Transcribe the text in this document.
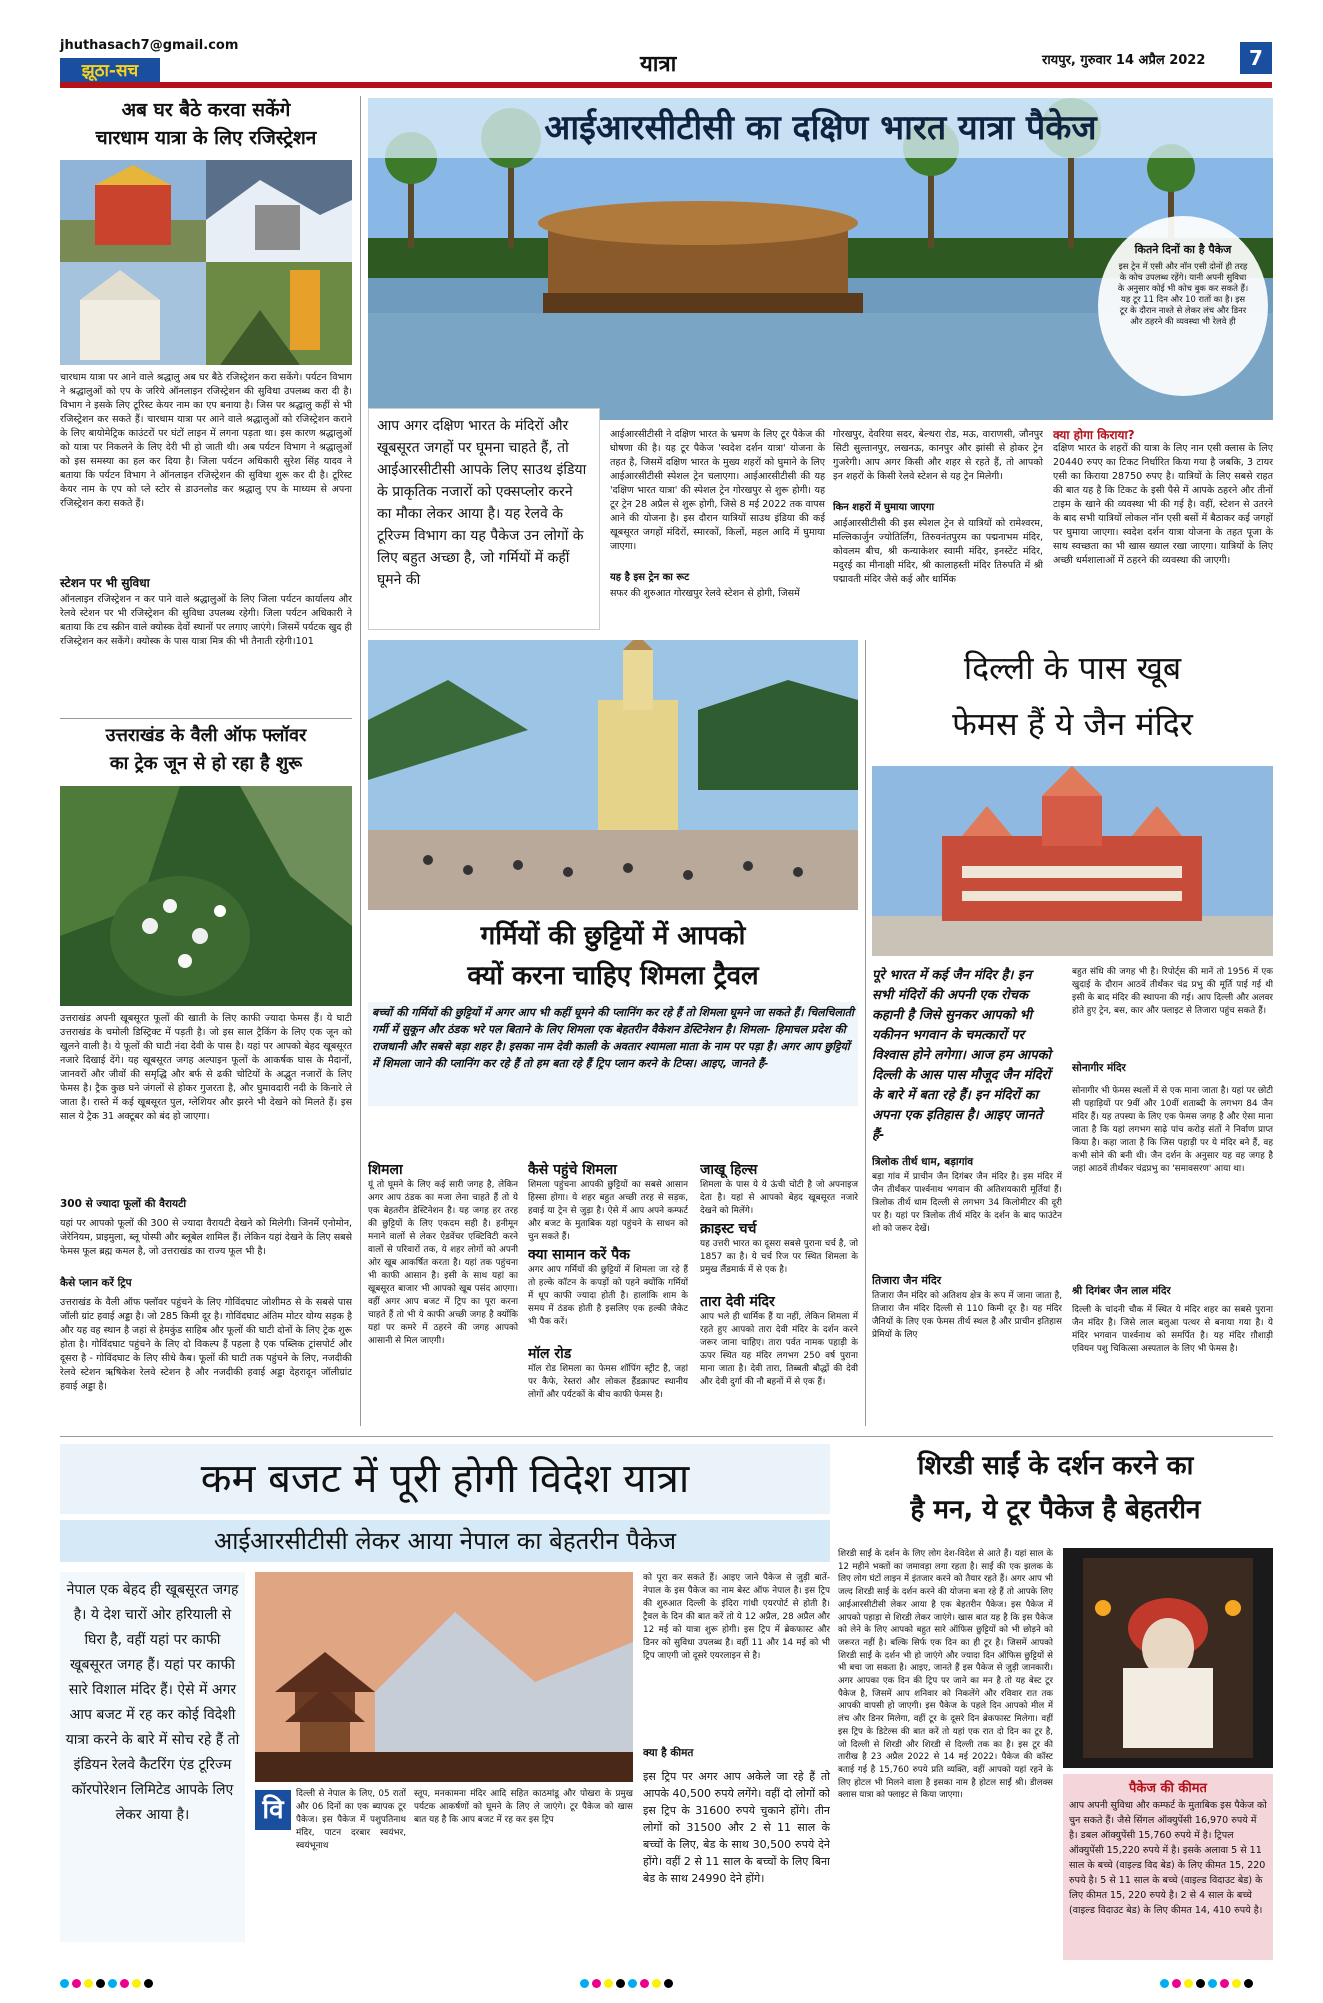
jhuthasach7@gmail.com
झूठा-सच	यात्रा	रायपुर, गुरुवार 14 अप्रैल 2022	7
अब घर बैठे करवा सकेंगे
चारधाम यात्रा के लिए रजिस्ट्रेशन
चारधाम यात्रा पर आने वाले श्रद्धालु अब घर बैठे रजिस्ट्रेशन करा सकेंगे। पर्यटन विभाग ने श्रद्धालुओं को एप के जरिये ऑनलाइन रजिस्ट्रेशन की सुविधा उपलब्ध करा दी है। विभाग ने इसके लिए टूरिस्ट केयर नाम का एप बनाया है। जिस पर श्रद्धालु कहीं से भी रजिस्ट्रेशन कर सकते हैं। चारधाम यात्रा पर आने वाले श्रद्धालुओं को रजिस्ट्रेशन कराने के लिए बायोमेट्रिक काउंटरों पर घंटों लाइन में लगना पड़ता था। इस कारण श्रद्धालुओं को यात्रा पर निकलने के लिए देरी भी हो जाती थी। अब पर्यटन विभाग ने श्रद्धालुओं को इस समस्या का हल कर दिया है। जिला पर्यटन अधिकारी सुरेश सिंह यादव ने बताया कि पर्यटन विभाग ने ऑनलाइन रजिस्ट्रेशन की सुविधा शुरू कर दी है। टूरिस्ट केयर नाम के एप को प्ले स्टोर से डाउनलोड कर श्रद्धालु एप के माध्यम से अपना रजिस्ट्रेशन करा सकते हैं।
स्टेशन पर भी सुविधा
ऑनलाइन रजिस्ट्रेशन न कर पाने वाले श्रद्धालुओं के लिए जिला पर्यटन कार्यालय और रेलवे स्टेशन पर भी रजिस्ट्रेशन की सुविधा उपलब्ध रहेगी। जिला पर्यटन अधिकारी ने बताया कि टच स्क्रीन वाले क्योस्क देवों स्थानों पर लगाए जाएंगे। जिसमें पर्यटक खुद ही रजिस्ट्रेशन कर सकेंगे। क्योस्क के पास यात्रा मित्र की भी तैनाती रहेगी।101
उत्तराखंड के वैली ऑफ फ्लॉवर
का ट्रेक जून से हो रहा है शुरू
उत्तराखंड अपनी खूबसूरत फूलों की खाती के लिए काफी ज्यादा फेमस हैं। ये घाटी उत्तराखंड के चमोली डिस्ट्रिक्ट में पड़ती है। जो इस साल ट्रैकिंग के लिए एक जून को खुलने वाली है। ये फूलों की घाटी नंदा देवी के पास है। यहां पर आपको बेहद खूबसूरत नजारे दिखाई देंगे। यह खूबसूरत जगह अल्पाइन फूलों के आकर्षक घास के मैदानों, जानवरों और जीवों की समृद्धि और बर्फ से ढकी चोटियों के अद्भुत नजारों के लिए फेमस है। ट्रैक कुछ घने जंगलों से होकर गुजरता है, और घुमावदारी नदी के किनारे ले जाता है। रास्ते में कई खूबसूरत पुल, ग्लेशियर और झरने भी देखने को मिलते हैं। इस साल ये ट्रैक 31 अक्टूबर को बंद हो जाएगा।
300 से ज्यादा फूलों की वैरायटी
यहां पर आपको फूलों की 300 से ज्यादा वैरायटी देखने को मिलेगी। जिनमें एनोमोन, जेरेनियम, प्राइमुला, ब्लू पोस्पी और ब्लूबेल शामिल हैं। लेकिन यहां देखने के लिए सबसे फेमस फूल ब्रह्म कमल है, जो उत्तराखंड का राज्य फूल भी है।
कैसे प्लान करें ट्रिप
उत्तराखंड के वैली ऑफ फ्लॉवर पहुंचने के लिए गोविंदघाट जोशीमठ से के सबसे पास जॉली ग्रांट हवाई अड्डा है। जो 285 किमी दूर है। गोविंदघाट अंतिम मोटर योग्य सड़क है और यह वह स्थान है जहां से हेमकुंड साहिब और फूलों की घाटी दोनों के लिए ट्रेक शुरू होता है। गोविंदघाट पहुंचने के लिए दो विकल्प हैं पहला है एक पब्लिक ट्रांसपोर्ट और दूसरा है - गोविंदघाट के लिए सीधे कैब। फूलों की घाटी तक पहुंचने के लिए, नजदीकी रेलवे स्टेशन ऋषिकेश रेलवे स्टेशन है और नजदीकी हवाई अड्डा देहरादून जॉलीग्रांट हवाई अड्डा है।
आईआरसीटीसी का दक्षिण भारत यात्रा पैकेज
कितने दिनों का है पैकेज
इस ट्रेन में एसी और नॉन एसी दोनों ही तरह के कोच उपलब्ध रहेंगे। यानी अपनी सुविधा के अनुसार कोई भी कोच बुक कर सकते हैं। यह टूर 11 दिन और 10 रातों का है। इस टूर के दौरान नाश्ते से लेकर लंच और डिनर और ठहरने की व्यवस्था भी रेलवे ही
आप अगर दक्षिण भारत के मंदिरों और खूबसूरत जगहों पर घूमना चाहते हैं, तो आईआरसीटीसी आपके लिए साउथ इंडिया के प्राकृतिक नजारों को एक्सप्लोर करने का मौका लेकर आया है। यह रेलवे के टूरिज्म विभाग का यह पैकेज उन लोगों के लिए बहुत अच्छा है, जो गर्मियों में कहीं घूमने की
आईआरसीटीसी ने दक्षिण भारत के भ्रमण के लिए टूर पैकेज की घोषणा की है। यह टूर पैकेज 'स्वदेश दर्शन यात्रा' योजना के तहत है, जिसमें दक्षिण भारत के मुख्य शहरों को घुमाने के लिए आईआरसीटीसी स्पेशल ट्रेन चलाएगा। आईआरसीटीसी की यह 'दक्षिण भारत यात्रा' की स्पेशल ट्रेन गोरखपुर से शुरू होगी। यह टूर ट्रेन 28 अप्रैल से शुरू होगी, जिसे 8 मई 2022 तक वापस आने की योजना है। इस दौरान यात्रियों साउथ इंडिया की कई खूबसूरत जगहों मंदिरों, स्मारकों, किलों, महल आदि में घुमाया जाएगा।
यह है इस ट्रेन का रूट
सफर की शुरुआत गोरखपुर रेलवे स्टेशन से होगी, जिसमें
गोरखपुर, देवरिया सदर, बेल्थरा रोड, मऊ, वाराणसी, जौनपुर सिटी सुल्तानपुर, लखनऊ, कानपुर और झांसी से होकर ट्रेन गुजरेगी। आप अगर किसी और शहर से रहते हैं, तो आपको इन शहरों के किसी रेलवे स्टेशन से यह ट्रेन मिलेगी।
किन शहरों में घुमाया जाएगा
आईआरसीटीसी की इस स्पेशल ट्रेन से यात्रियों को रामेश्वरम, मल्लिकार्जुन ज्योतिर्लिंग, तिरुवनंतपुरम का पद्मनाभम मंदिर, कोवलम बीच, श्री कन्याकेशर स्वामी मंदिर, इनस्टेंट मंदिर, मदुरई का मीनाक्षी मंदिर, श्री कालाहस्ती मंदिर तिरुपति में श्री पद्मावती मंदिर जैसे कई और धार्मिक
क्या होगा किराया?
दक्षिण भारत के शहरों की यात्रा के लिए नान एसी क्लास के लिए 20440 रुपए का टिकट निर्धारित किया गया है जबकि, 3 टायर एसी का किराया 28750 रुपए है। यात्रियों के लिए सबसे राहत की बात यह है कि टिकट के इसी पैसे में आपके ठहरने और तीनों टाइम के खाने की व्यवस्था भी की गई है। वहीं, स्टेशन से उतरने के बाद सभी यात्रियों लोकल नॉन एसी बसों में बैठाकर कई जगहों पर घुमाया जाएगा। स्वदेश दर्शन यात्रा योजना के तहत पूजा के साथ स्वच्छता का भी खास ख्याल रखा जाएगा। यात्रियों के लिए अच्छी धर्मशालाओं में ठहरने की व्यवस्था की जाएगी।
गर्मियों की छुट्टियों में आपको
क्यों करना चाहिए शिमला ट्रैवल
बच्चों की गर्मियों की छुट्टियों में अगर आप भी कहीं घूमने की प्लानिंग कर रहे हैं तो शिमला घूमने जा सकते हैं। चिलचिलाती गर्मी में सुकून और ठंडक भरे पल बिताने के लिए शिमला एक बेहतरीन वैकेशन डेस्टिनेशन है। शिमला- हिमाचल प्रदेश की राजधानी और सबसे बड़ा शहर है। इसका नाम देवी काली के अवतार श्यामला माता के नाम पर पड़ा है। अगर आप छुट्टियों में शिमला जाने की प्लानिंग कर रहे हैं तो हम बता रहे हैं ट्रिप प्लान करने के टिप्स। आइए, जानते हैं-
शिमला
यूं तो घूमने के लिए कई सारी जगह है, लेकिन अगर आप ठंडक का मजा लेना चाहते हैं तो ये एक बेहतरीन डेस्टिनेशन है। यह जगह हर तरह की छुट्टियों के लिए एकदम सही है। हनीमून मनाने वालों से लेकर ऐडवेंचर एक्टिविटी करने वालों से परिवारों तक, ये शहर लोगों को अपनी ओर खूब आकर्षित करता है। यहां तक पहुंचना भी काफी आसान है। इसी के साथ यहां का खूबसूरत बाजार भी आपको खूब पसंद आएगा। वहीं अगर आप बजट में ट्रिप का पूरा करना चाहते हैं तो भी ये काफी अच्छी जगह है क्योंकि यहां पर कमरे में ठहरने की जगह आपको आसानी से मिल जाएगी।
कैसे पहुंचे शिमला
शिमला पहुंचना आपकी छुट्टियों का सबसे आसान हिस्सा होगा। ये शहर बहुत अच्छी तरह से सड़क, हवाई या ट्रेन से जुड़ा है। ऐसे में आप अपने कम्फर्ट और बजट के मुताबिक यहां पहुंचने के साधन को चुन सकते हैं।
क्या सामान करें पैक
अगर आप गर्मियों की छुट्टियों में शिमला जा रहे हैं तो हल्के कॉटन के कपड़ों को पहने क्योंकि गर्मियों में धूप काफी ज्यादा होती है। हालांकि शाम के समय में ठंडक होती है इसलिए एक हल्की जैकेट भी पैक करें।
मॉल रोड
मॉल रोड शिमला का फेमस शॉपिंग स्ट्रीट है, जहां पर कैफे, रेस्तरां और लोकल हैंडक्राफ्ट स्थानीय लोगों और पर्यटकों के बीच काफी फेमस है।
जाखू हिल्स
शिमला के पास ये ये ऊंची चोटी है जो अपनाइज देता है। यहां से आपको बेहद खूबसूरत नजारे देखने को मिलेंगे।
क्राइस्ट चर्च
यह उत्तरी भारत का दूसरा सबसे पुराना चर्च है, जो 1857 का है। ये चर्च रिज पर स्थित शिमला के प्रमुख लैंडमार्क में से एक है।
तारा देवी मंदिर
आप भले ही धार्मिक हैं या नहीं, लेकिन शिमला में रहते हुए आपको तारा देवी मंदिर के दर्शन करने जरूर जाना चाहिए। तारा पर्वत नामक पहाड़ी के ऊपर स्थित यह मंदिर लगभग 250 वर्ष पुराना माना जाता है। देवी तारा, तिब्बती बौद्धों की देवी और देवी दुर्गा की नौ बहनों में से एक हैं।
दिल्ली के पास खूब
फेमस हैं ये जैन मंदिर
पूरे भारत में कई जैन मंदिर है। इन सभी मंदिरों की अपनी एक रोचक कहानी है जिसे सुनकर आपको भी यकीनन भगवान के चमत्कारों पर विश्वास होने लगेगा। आज हम आपको दिल्ली के आस पास मौजूद जैन मंदिरों के बारे में बता रहे हैं। इन मंदिरों का अपना एक इतिहास है। आइए जानते हैं-
त्रिलोक तीर्थ धाम, बड़ागांव
बड़ा गांव में प्राचीन जैन दिगंबर जैन मंदिर है। इस मंदिर में जैन तीर्थंकर पार्श्वनाथ भगवान की अतिशयकारी मूर्तियां हैं। त्रिलोक तीर्थ धाम दिल्ली से लगभग 34 किलोमीटर की दूरी पर है। यहां पर त्रिलोक तीर्थ मंदिर के दर्शन के बाद फाउंटेन शो को जरूर देखें।
तिजारा जैन मंदिर
तिजारा जैन मंदिर को अतिशय क्षेत्र के रूप में जाना जाता है, तिजारा जैन मंदिर दिल्ली से 110 किमी दूर है। यह मंदिर जैनियों के लिए एक फेमस तीर्थ स्थल है और प्राचीन इतिहास प्रेमियों के लिए
बहुत संधि की जगह भी है। रिपोर्ट्स की मानें तो 1956 में एक खुदाई के दौरान आठवें तीर्थंकर चंद्र प्रभु की मूर्ति पाई गई थी इसी के बाद मंदिर की स्थापना की गई। आप दिल्ली और अलवर होते हुए ट्रेन, बस, कार और फ्लाइट से तिजारा पहुंच सकते हैं।
सोनागीर मंदिर
सोनागीर भी फेमस स्थलों में से एक माना जाता है। यहां पर छोटी सी पहाड़ियों पर 9वीं और 10वीं शताब्दी के लगभग 84 जैन मंदिर हैं। यह तपस्या के लिए एक फेमस जगह है और ऐसा माना जाता है कि यहां लगभग साढ़े पांच करोड़ संतों ने निर्वाण प्राप्त किया है। कहा जाता है कि जिस पहाड़ी पर ये मंदिर बने हैं, वह कभी सोने की बनी थी। जैन दर्शन के अनुसार यह वह जगह है जहां आठवें तीर्थंकर चंद्रप्रभु का 'समावसरण' आया था।
श्री दिगंबर जैन लाल मंदिर
दिल्ली के चांदनी चौक में स्थित ये मंदिर शहर का सबसे पुराना जैन मंदिर है। जिसे लाल बलुआ पत्थर से बनाया गया है। ये मंदिर भगवान पार्श्वनाथ को समर्पित है। यह मंदिर ग़ौशाड़ी एवियन पशु चिकित्सा अस्पताल के लिए भी फेमस है।
कम बजट में पूरी होगी विदेश यात्रा
आईआरसीटीसी लेकर आया नेपाल का बेहतरीन पैकेज
नेपाल एक बेहद ही खूबसूरत जगह है। ये देश चारों ओर हरियाली से घिरा है, वहीं यहां पर काफी खूबसूरत जगह हैं। यहां पर काफी सारे विशाल मंदिर हैं। ऐसे में अगर आप बजट में रह कर कोई विदेशी यात्रा करने के बारे में सोच रहे हैं तो इंडियन रेलवे कैटरिंग एंड टूरिज्म कॉरपोरेशन लिमिटेड आपके लिए लेकर आया है।	वि
दिल्ली से नेपाल के लिए, 05 रातों और 06 दिनों का एक ब्यापक टूर पैकेज। इस पैकेज में पशुपतिनाथ मंदिर, पाटन दरबार स्वयंभर, स्वयंभूनाथ
स्तूप, मनकामना मंदिर आदि सहित काठमांडू और पोखरा के प्रमुख पर्यटक आकर्षणों को घूमने के लिए ले जाएंगे। टूर पैकेज को खास बात यह है कि आप बजट में रह कर इस ट्रिप
को पूरा कर सकते हैं। आइए जाने पैकेज से जुड़ी बातें- नेपाल के इस पैकेज का नाम बेस्ट ऑफ नेपाल है। इस ट्रिप की शुरुआत दिल्ली के इंदिरा गांधी एयरपोर्ट से होती है। ट्रैवल के दिन की बात करें तो ये 12 अप्रैल, 28 अप्रैल और 12 मई को यात्रा शुरू होगी। इस ट्रिप में ब्रेकफास्ट और डिनर को सुविधा उपलब्ध है। वहीं 11 और 14 मई को भी ट्रिप जाएगी जो दूसरे एयरलाइन से है।
क्या है कीमत
इस ट्रिप पर अगर आप अकेले जा रहे हैं तो आपके 40,500 रुपये लगेंगे। वहीं दो लोगों को इस ट्रिप के 31600 रुपये चुकाने होंगे। तीन लोगों को 31500 और 2 से 11 साल के बच्चों के लिए, बेड के साथ 30,500 रुपये देने होंगे। वहीं 2 से 11 साल के बच्चों के लिए बिना बेड के साथ 24990 देने होंगे।
शिरडी साईं के दर्शन करने का
है मन, ये टूर पैकेज है बेहतरीन
शिरडी साईं के दर्शन के लिए लोग देश-विदेश से आते हैं। यहां साल के 12 महीने भक्तों का जमावड़ा लगा रहता है। साईं की एक झलक के लिए लोग घंटों लाइन में इंतजार करने को तैयार रहते हैं। अगर आप भी जल्द शिरडी साईं के दर्शन करने की योजना बना रहे हैं तो आपके लिए आईआरसीटीसी लेकर आया है एक बेहतरीन पैकेज। इस पैकेज में आपको पहाड़ा से शिरडी लेकर जाएंगे। खास बात यह है कि इस पैकेज को लेने के लिए आपको बहुत सारे ऑफिस छुट्टियों को भी छोड़ने को जरूरत नहीं है। बल्कि सिर्फ एक दिन का ही टूर है। जिसमें आपको शिरडी साईं के दर्शन भी हो जाएंगे और ज्यादा दिन ऑफिस छुट्टियों से भी बचा जा सकता है। आइए, जानते हैं इस पैकेज से जुड़ी जानकारी। अगर आपका एक दिन की ट्रिप पर जाने का मन है तो यह बेस्ट टूर पैकेज है, जिसमें आप शनिवार को निकलेंगे और रविवार रात तक आपकी वापसी हो जाएगी। इस पैकेज के पहले दिन आपको मील में लंच और डिनर मिलेगा, वहीं टूर के दूसरे दिन ब्रेकफास्ट मिलेगा। वहीं इस ट्रिप के डिटेल्स की बात करें तो यहां एक रात दो दिन का टूर है, जो दिल्ली से शिरडी और शिरडी से दिल्ली तक का है। इस टूर की तारीख है 23 अप्रैल 2022 से 14 मई 2022। पैकेज की कॉस्ट बताई गई है 15,760 रुपये प्रति व्यक्ति, वहीं आपको यहां रहने के लिए होटल भी मिलने वाला है इसका नाम है होटल साईं श्री। डीलक्स क्लास यात्रा को फ्लाइट से किया जाएगा।	पैकेज की कीमत
आप अपनी सुविधा और कम्फर्ट के मुताबिक इस पैकेज को चुन सकते हैं। जैसे सिंगल ऑक्युपेंसी 16,970 रुपये में है। डबल ऑक्युपेंसी 15,760 रुपये में है। ट्रिपल ऑक्युपेंसी 15,220 रुपये में है। इसके अलावा 5 से 11 साल के बच्चे (वाइल्ड विद बेड) के लिए कीमत 15, 220 रुपये है। 5 से 11 साल के बच्चे (वाइल्ड विदाउट बेड) के लिए कीमत 15, 220 रुपये है। 2 से 4 साल के बच्चे (वाइल्ड विदाउट बेड) के लिए कीमत 14, 410 रुपये है।
